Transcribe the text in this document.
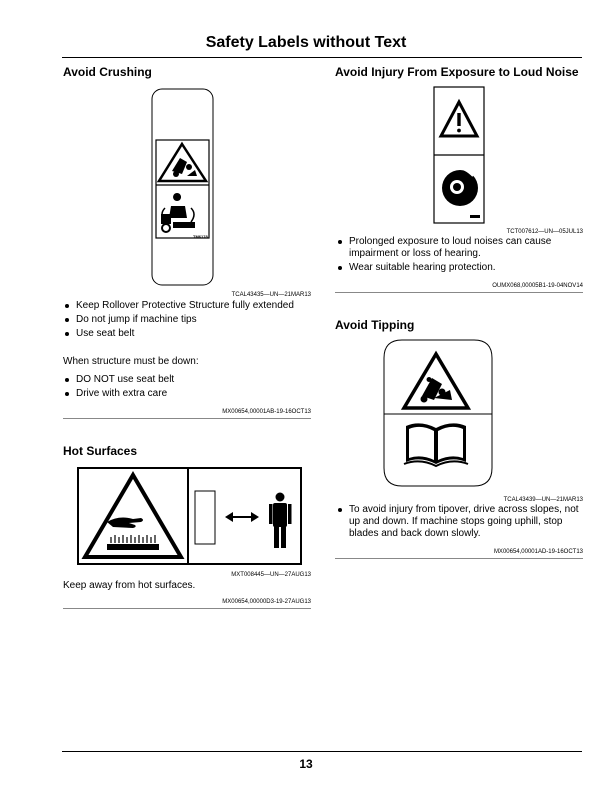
Safety Labels without Text
Avoid Crushing
TM6178
TCAL43435—UN—21MAR13
Keep Rollover Protective Structure fully extended
Do not jump if machine tips
Use seat belt
When structure must be down:
DO NOT use seat belt
Drive with extra care
MX00654,00001AB-19-16OCT13
Hot Surfaces
MXT008445—UN—27AUG13
Keep away from hot surfaces.
MX00654,00000D3-19-27AUG13
Avoid Injury From Exposure to Loud Noise
TCT007612—UN—05JUL13
Prolonged exposure to loud noises can cause impairment or loss of hearing.
Wear suitable hearing protection.
OUMX068,00005B1-19-04NOV14
Avoid Tipping
TCAL43439—UN—21MAR13
To avoid injury from tipover, drive across slopes, not up and down. If machine stops going uphill, stop blades and back down slowly.
MX00654,00001AD-19-16OCT13
13
